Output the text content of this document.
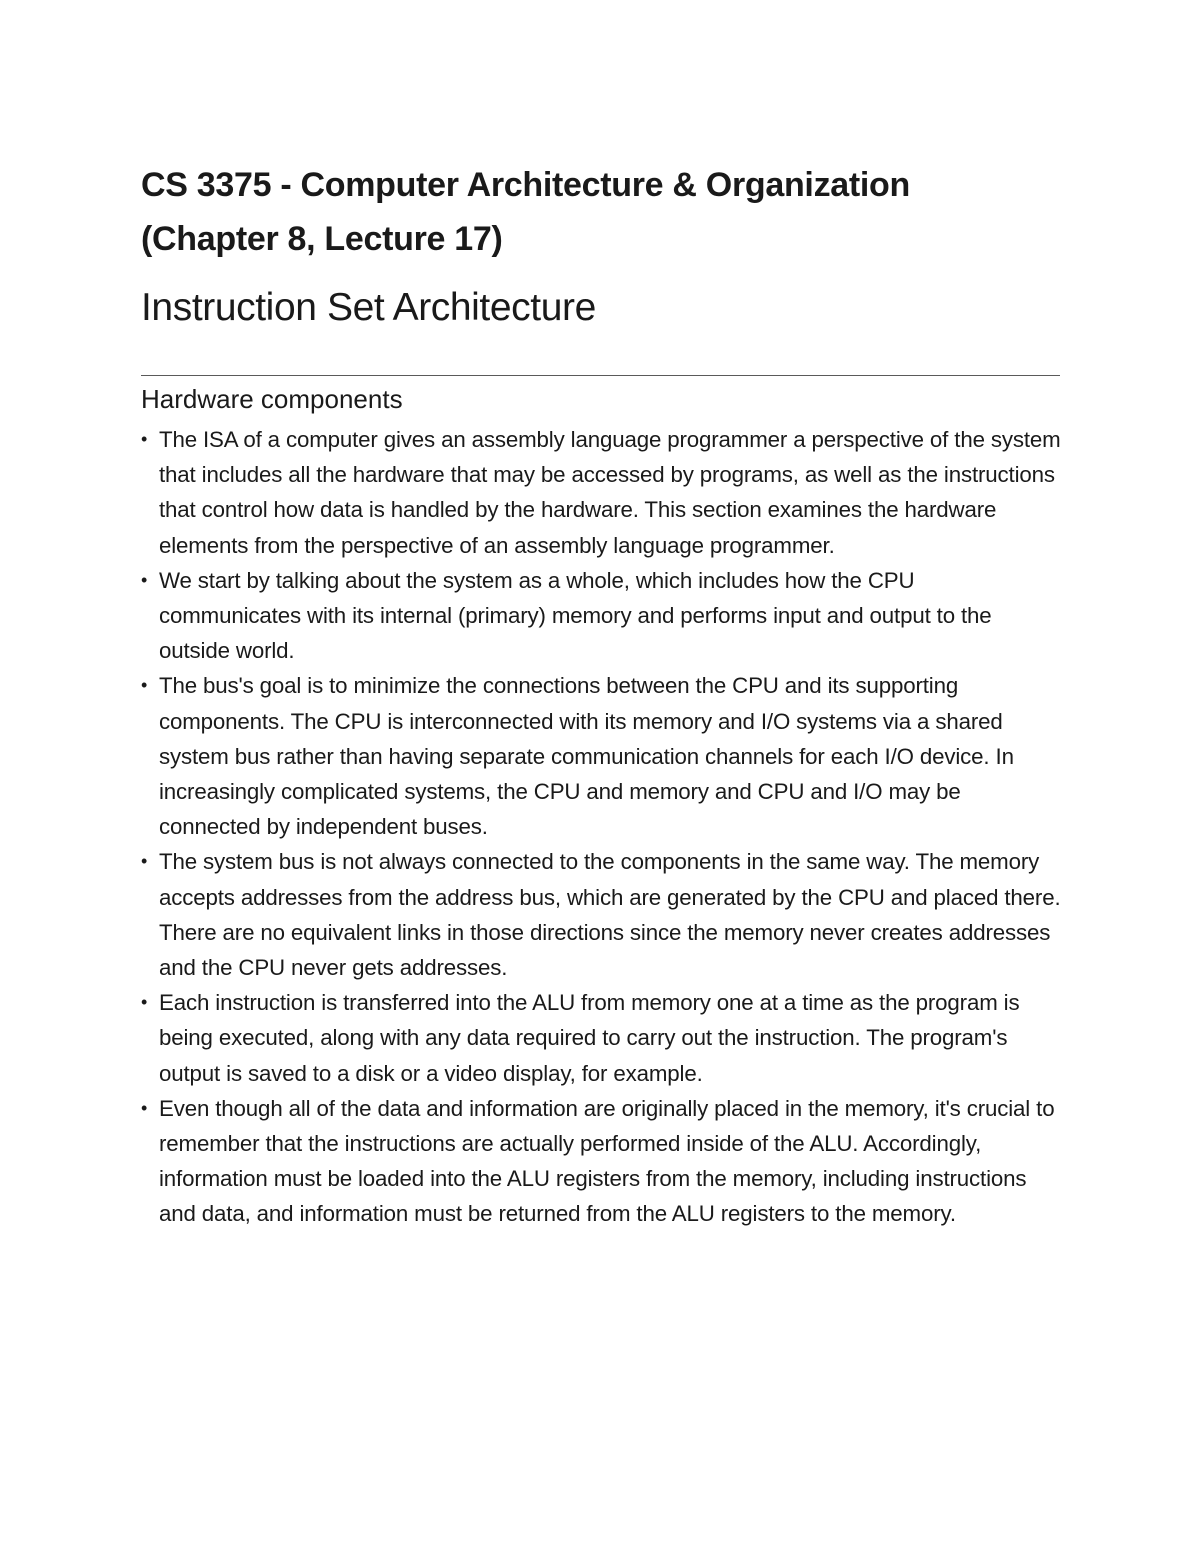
CS 3375 - Computer Architecture & Organization
(Chapter 8, Lecture 17)
Instruction Set Architecture
Hardware components
• The ISA of a computer gives an assembly language programmer a perspective of the system that includes all the hardware that may be accessed by programs, as well as the instructions that control how data is handled by the hardware. This section examines the hardware elements from the perspective of an assembly language programmer.
• We start by talking about the system as a whole, which includes how the CPU communicates with its internal (primary) memory and performs input and output to the outside world.
• The bus's goal is to minimize the connections between the CPU and its supporting components. The CPU is interconnected with its memory and I/O systems via a shared system bus rather than having separate communication channels for each I/O device. In increasingly complicated systems, the CPU and memory and CPU and I/O may be connected by independent buses.
• The system bus is not always connected to the components in the same way. The memory accepts addresses from the address bus, which are generated by the CPU and placed there. There are no equivalent links in those directions since the memory never creates addresses and the CPU never gets addresses.
• Each instruction is transferred into the ALU from memory one at a time as the program is being executed, along with any data required to carry out the instruction. The program's output is saved to a disk or a video display, for example.
• Even though all of the data and information are originally placed in the memory, it's crucial to remember that the instructions are actually performed inside of the ALU. Accordingly, information must be loaded into the ALU registers from the memory, including instructions and data, and information must be returned from the ALU registers to the memory.
